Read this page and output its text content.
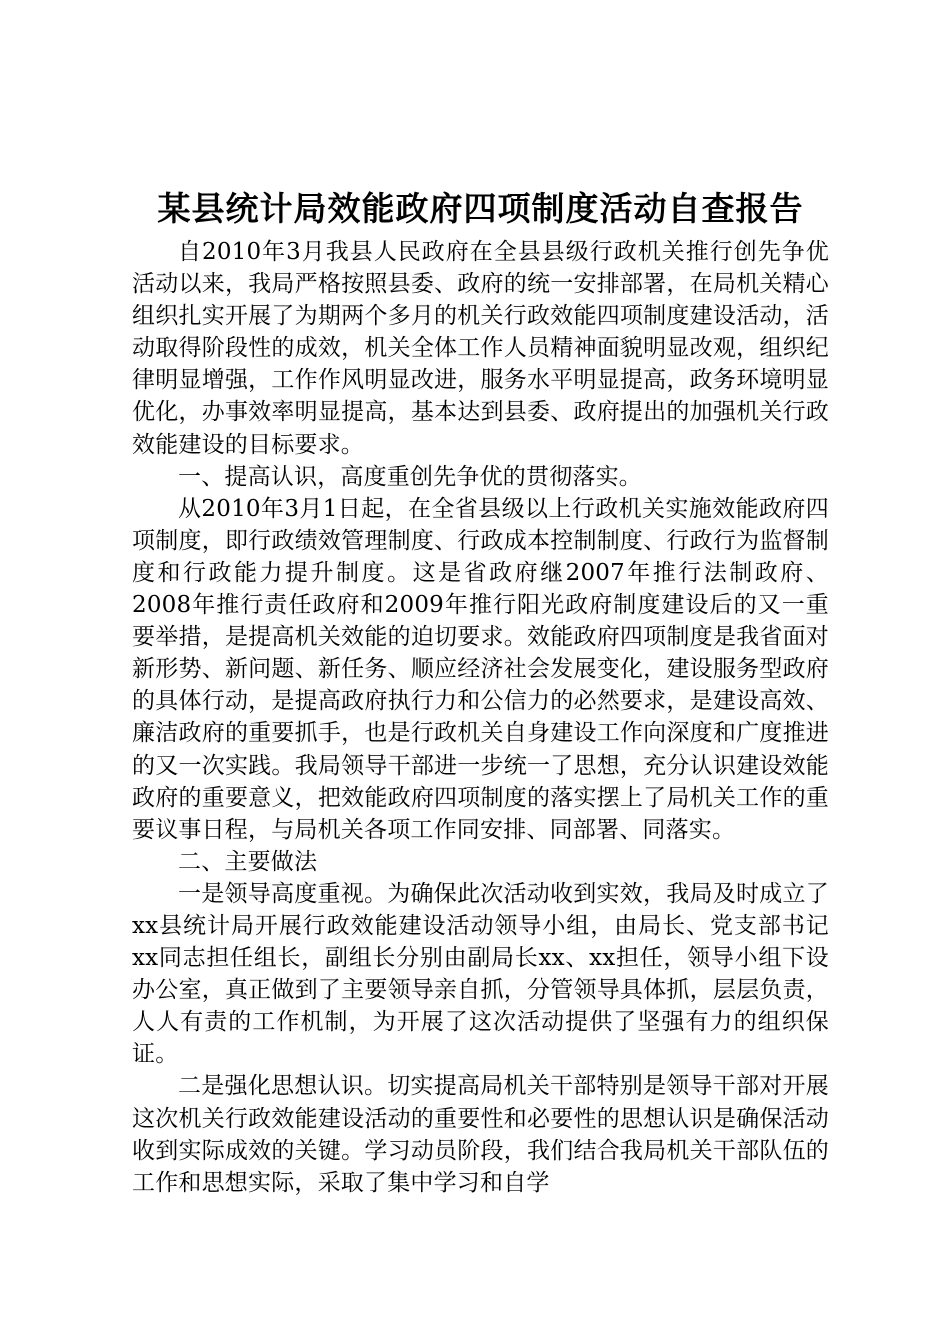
某县统计局效能政府四项制度活动自查报告

自2010年3月我县人民政府在全县县级行政机关推行创先争优活动以来，我局严格按照县委、政府的统一安排部署，在局机关精心组织扎实开展了为期两个多月的机关行政效能四项制度建设活动，活动取得阶段性的成效，机关全体工作人员精神面貌明显改观，组织纪律明显增强，工作作风明显改进，服务水平明显提高，政务环境明显优化，办事效率明显提高，基本达到县委、政府提出的加强机关行政效能建设的目标要求。

一、提高认识，高度重创先争优的贯彻落实。

从2010年3月1日起，在全省县级以上行政机关实施效能政府四项制度，即行政绩效管理制度、行政成本控制制度、行政行为监督制度和行政能力提升制度。这是省政府继2007年推行法制政府、2008年推行责任政府和2009年推行阳光政府制度建设后的又一重要举措，是提高机关效能的迫切要求。效能政府四项制度是我省面对新形势、新问题、新任务、顺应经济社会发展变化，建设服务型政府的具体行动，是提高政府执行力和公信力的必然要求，是建设高效、廉洁政府的重要抓手，也是行政机关自身建设工作向深度和广度推进的又一次实践。我局领导干部进一步统一了思想，充分认识建设效能政府的重要意义，把效能政府四项制度的落实摆上了局机关工作的重要议事日程，与局机关各项工作同安排、同部署、同落实。

二、主要做法

一是领导高度重视。为确保此次活动收到实效，我局及时成立了xx县统计局开展行政效能建设活动领导小组，由局长、党支部书记xx同志担任组长，副组长分别由副局长xx、xx担任，领导小组下设办公室，真正做到了主要领导亲自抓，分管领导具体抓，层层负责，人人有责的工作机制，为开展了这次活动提供了坚强有力的组织保证。

二是强化思想认识。切实提高局机关干部特别是领导干部对开展这次机关行政效能建设活动的重要性和必要性的思想认识是确保活动收到实际成效的关键。学习动员阶段，我们结合我局机关干部队伍的工作和思想实际，采取了集中学习和自学
